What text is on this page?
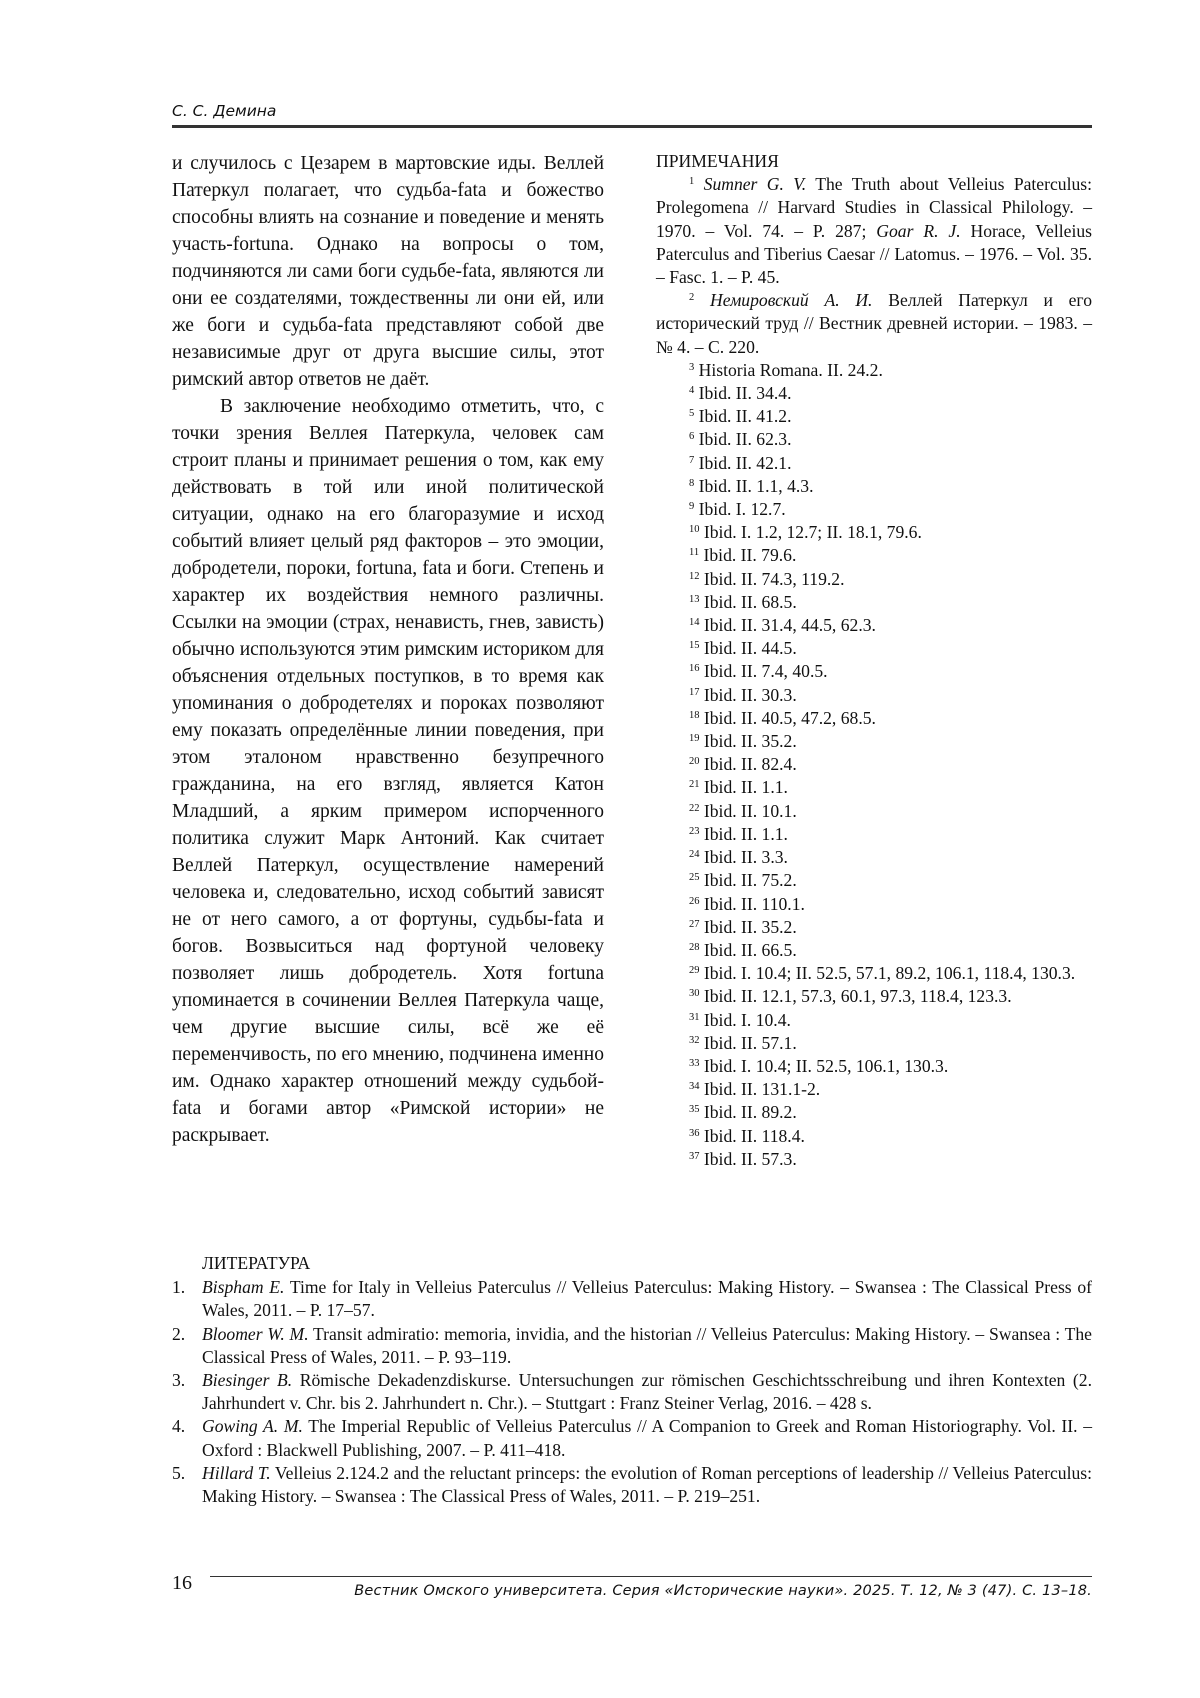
С. С. Демина

и случилось с Цезарем в мартовские иды. Веллей Патеркул полагает, что судьба-fata и божество способны влиять на сознание и поведение и менять участь-fortuna. Однако на вопросы о том, подчиняются ли сами боги судьбе-fata, являются ли они ее создателями, тождественны ли они ей, или же боги и судьба-fata представляют собой две независимые друг от друга высшие силы, этот римский автор ответов не даёт.

В заключение необходимо отметить, что, с точки зрения Веллея Патеркула, человек сам строит планы и принимает решения о том, как ему действовать в той или иной политической ситуации, однако на его благоразумие и исход событий влияет целый ряд факторов – это эмоции, добродетели, пороки, fortuna, fata и боги. Степень и характер их воздействия немного различны. Ссылки на эмоции (страх, ненависть, гнев, зависть) обычно используются этим римским историком для объяснения отдельных поступков, в то время как упоминания о добродетелях и пороках позволяют ему показать определённые линии поведения, при этом эталоном нравственно безупречного гражданина, на его взгляд, является Катон Младший, а ярким примером испорченного политика служит Марк Антоний. Как считает Веллей Патеркул, осуществление намерений человека и, следовательно, исход событий зависят не от него самого, а от фортуны, судьбы-fata и богов. Возвыситься над фортуной человеку позволяет лишь добродетель. Хотя fortuna упоминается в сочинении Веллея Патеркула чаще, чем другие высшие силы, всё же её переменчивость, по его мнению, подчинена именно им. Однако характер отношений между судьбой-fata и богами автор «Римской истории» не раскрывает.

ПРИМЕЧАНИЯ

$^1$ Sumner G. V. The Truth about Velleius Paterculus: Prolegomena // Harvard Studies in Classical Philology. – 1970. – Vol. 74. – P. 287; Goar R. J. Horace, Velleius Paterculus and Tiberius Caesar // Latomus. – 1976. – Vol. 35. – Fasc. 1. – P. 45.

$^2$ Немировский А. И. Веллей Патеркул и его исторический труд // Вестник древней истории. – 1983. – № 4. – С. 220.

$^3$ Historia Romana. II. 24.2.

$^4$ Ibid. II. 34.4.

$^5$ Ibid. II. 41.2.

$^6$ Ibid. II. 62.3.

$^7$ Ibid. II. 42.1.

$^8$ Ibid. II. 1.1, 4.3.

$^9$ Ibid. I. 12.7.

$^{10}$ Ibid. I. 1.2, 12.7; II. 18.1, 79.6.

$^{11}$ Ibid. II. 79.6.

$^{12}$ Ibid. II. 74.3, 119.2.

$^{13}$ Ibid. II. 68.5.

$^{14}$ Ibid. II. 31.4, 44.5, 62.3.

$^{15}$ Ibid. II. 44.5.

$^{16}$ Ibid. II. 7.4, 40.5.

$^{17}$ Ibid. II. 30.3.

$^{18}$ Ibid. II. 40.5, 47.2, 68.5.

$^{19}$ Ibid. II. 35.2.

$^{20}$ Ibid. II. 82.4.

$^{21}$ Ibid. II. 1.1.

$^{22}$ Ibid. II. 10.1.

$^{23}$ Ibid. II. 1.1.

$^{24}$ Ibid. II. 3.3.

$^{25}$ Ibid. II. 75.2.

$^{26}$ Ibid. II. 110.1.

$^{27}$ Ibid. II. 35.2.

$^{28}$ Ibid. II. 66.5.

$^{29}$ Ibid. I. 10.4; II. 52.5, 57.1, 89.2, 106.1, 118.4, 130.3.

$^{30}$ Ibid. II. 12.1, 57.3, 60.1, 97.3, 118.4, 123.3.

$^{31}$ Ibid. I. 10.4.

$^{32}$ Ibid. II. 57.1.

$^{33}$ Ibid. I. 10.4; II. 52.5, 106.1, 130.3.

$^{34}$ Ibid. II. 131.1-2.

$^{35}$ Ibid. II. 89.2.

$^{36}$ Ibid. II. 118.4.

$^{37}$ Ibid. II. 57.3.

ЛИТЕРАТУРА

1. Bispham E. Time for Italy in Velleius Paterculus // Velleius Paterculus: Making History. – Swansea : The Classical Press of Wales, 2011. – P. 17–57.
2. Bloomer W. M. Transit admiratio: memoria, invidia, and the historian // Velleius Paterculus: Making History. – Swansea : The Classical Press of Wales, 2011. – P. 93–119.
3. Biesinger B. Römische Dekadenzdiskurse. Untersuchungen zur römischen Geschichtsschreibung und ihren Kontexten (2. Jahrhundert v. Chr. bis 2. Jahrhundert n. Chr.). – Stuttgart : Franz Steiner Verlag, 2016. – 428 s.
4. Gowing A. M. The Imperial Republic of Velleius Paterculus // A Companion to Greek and Roman Historiography. Vol. II. – Oxford : Blackwell Publishing, 2007. – P. 411–418.
5. Hillard T. Velleius 2.124.2 and the reluctant princeps: the evolution of Roman perceptions of leadership // Velleius Paterculus: Making History. – Swansea : The Classical Press of Wales, 2011. – P. 219–251.
16	Вестник Омского университета. Серия «Исторические науки». 2025. Т. 12, № 3 (47). С. 13–18.
